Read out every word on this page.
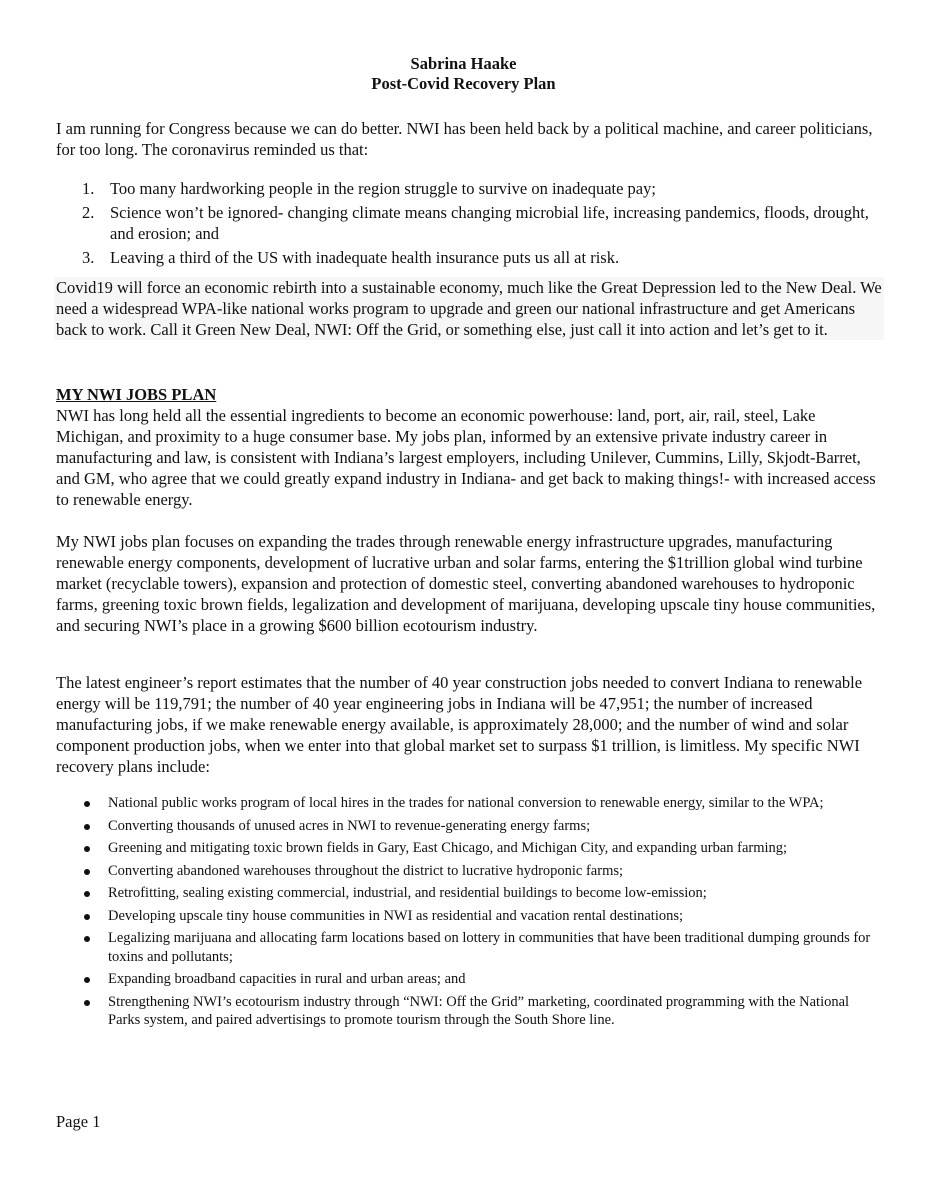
Sabrina Haake
Post-Covid Recovery Plan

I am running for Congress because we can do better. NWI has been held back by a political machine, and career politicians, for too long. The coronavirus reminded us that:

1. Too many hardworking people in the region struggle to survive on inadequate pay;
2. Science won’t be ignored- changing climate means changing microbial life, increasing pandemics, floods, drought, and erosion; and
3. Leaving a third of the US with inadequate health insurance puts us all at risk.

Covid19 will force an economic rebirth into a sustainable economy, much like the Great Depression led to the New Deal. We need a widespread WPA-like national works program to upgrade and green our national infrastructure and get Americans back to work. Call it Green New Deal, NWI: Off the Grid, or something else, just call it into action and let’s get to it.

MY NWI JOBS PLAN

NWI has long held all the essential ingredients to become an economic powerhouse: land, port, air, rail, steel, Lake Michigan, and proximity to a huge consumer base. My jobs plan, informed by an extensive private industry career in manufacturing and law, is consistent with Indiana’s largest employers, including Unilever, Cummins, Lilly, Skjodt-Barret, and GM, who agree that we could greatly expand industry in Indiana- and get back to making things!- with increased access to renewable energy.

My NWI jobs plan focuses on expanding the trades through renewable energy infrastructure upgrades, manufacturing renewable energy components, development of lucrative urban and solar farms, entering the $1trillion global wind turbine market (recyclable towers), expansion and protection of domestic steel, converting abandoned warehouses to hydroponic farms, greening toxic brown fields, legalization and development of marijuana, developing upscale tiny house communities, and securing NWI’s place in a growing $600 billion ecotourism industry.

The latest engineer’s report estimates that the number of 40 year construction jobs needed to convert Indiana to renewable energy will be 119,791; the number of 40 year engineering jobs in Indiana will be 47,951; the number of increased manufacturing jobs, if we make renewable energy available, is approximately 28,000; and the number of wind and solar component production jobs, when we enter into that global market set to surpass $1 trillion, is limitless. My specific NWI recovery plans include:

National public works program of local hires in the trades for national conversion to renewable energy, similar to the WPA;
Converting thousands of unused acres in NWI to revenue-generating energy farms;
Greening and mitigating toxic brown fields in Gary, East Chicago, and Michigan City, and expanding urban farming;
Converting abandoned warehouses throughout the district to lucrative hydroponic farms;
Retrofitting, sealing existing commercial, industrial, and residential buildings to become low-emission;
Developing upscale tiny house communities in NWI as residential and vacation rental destinations;
Legalizing marijuana and allocating farm locations based on lottery in communities that have been traditional dumping grounds for toxins and pollutants;
Expanding broadband capacities in rural and urban areas; and
Strengthening NWI’s ecotourism industry through “NWI: Off the Grid” marketing, coordinated programming with the National Parks system, and paired advertisings to promote tourism through the South Shore line.
Page 1
